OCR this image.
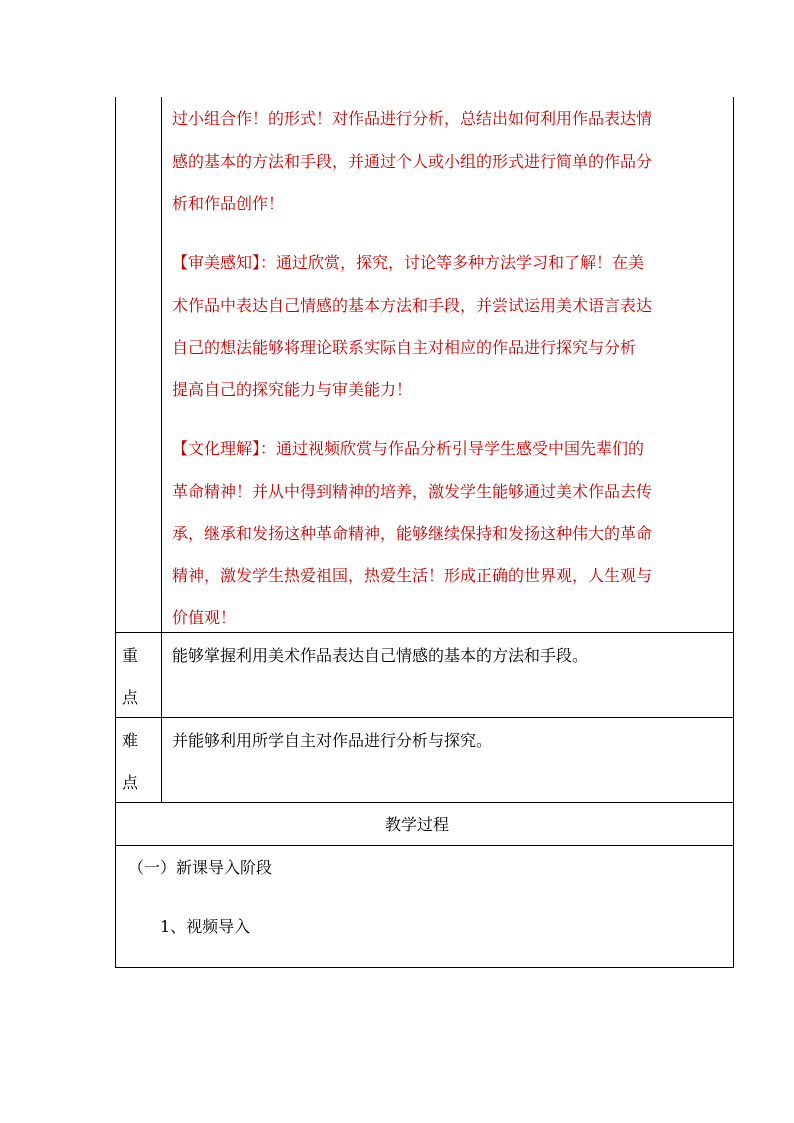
过小组合作！的形式！对作品进行分析，总结出如何利用作品表达情
感的基本的方法和手段，并通过个人或小组的形式进行简单的作品分
析和作品创作！
【审美感知】：通过欣赏，探究，讨论等多种方法学习和了解！在美
术作品中表达自己情感的基本方法和手段，并尝试运用美术语言表达
自己的想法能够将理论联系实际自主对相应的作品进行探究与分析
提高自己的探究能力与审美能力！
【文化理解】：通过视频欣赏与作品分析引导学生感受中国先辈们的
革命精神！并从中得到精神的培养，激发学生能够通过美术作品去传
承，继承和发扬这种革命精神，能够继续保持和发扬这种伟大的革命
精神，激发学生热爱祖国，热爱生活！形成正确的世界观，人生观与
价值观！
重
点
能够掌握利用美术作品表达自己情感的基本的方法和手段。
难
点
并能够利用所学自主对作品进行分析与探究。
教学过程
（一）新课导入阶段
1、视频导入
